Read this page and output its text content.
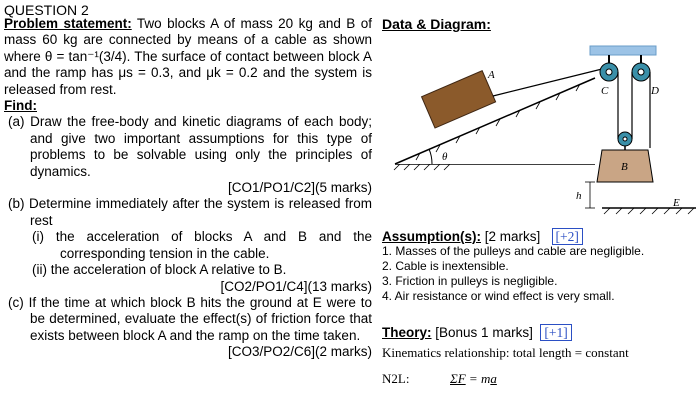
QUESTION 2

Problem statement: Two blocks A of mass 20 kg and B of mass 60 kg are connected by means of a cable as shown where θ = tan⁻¹(3/4). The surface of contact between block A and the ramp has μs = 0.3, and μk = 0.2 and the system is released from rest.

Find:

(a) Draw the free-body and kinetic diagrams of each body; and give two important assumptions for this type of problems to be solvable using only the principles of dynamics.

[CO1/PO1/C2](5 marks)

(b) Determine immediately after the system is released from rest

(i) the acceleration of blocks A and B and the corresponding tension in the cable.

(ii) the acceleration of block A relative to B.

[CO2/PO1/C4](13 marks)

(c) If the time at which block B hits the ground at E were to be determined, evaluate the effect(s) of friction force that exists between block A and the ramp on the time taken.

[CO3/PO2/C6](2 marks)

Data & Diagram:
θ
A
C	D
B
E
h
Assumption(s): [2 marks] [+2]
1. Masses of the pulleys and cable are negligible.
2. Cable is inextensible.
3. Friction in pulleys is negligible.
4. Air resistance or wind effect is very small.
Theory: [Bonus 1 marks] [+1]
Kinematics relationship: total length = constant
N2L:	ΣF = ma
